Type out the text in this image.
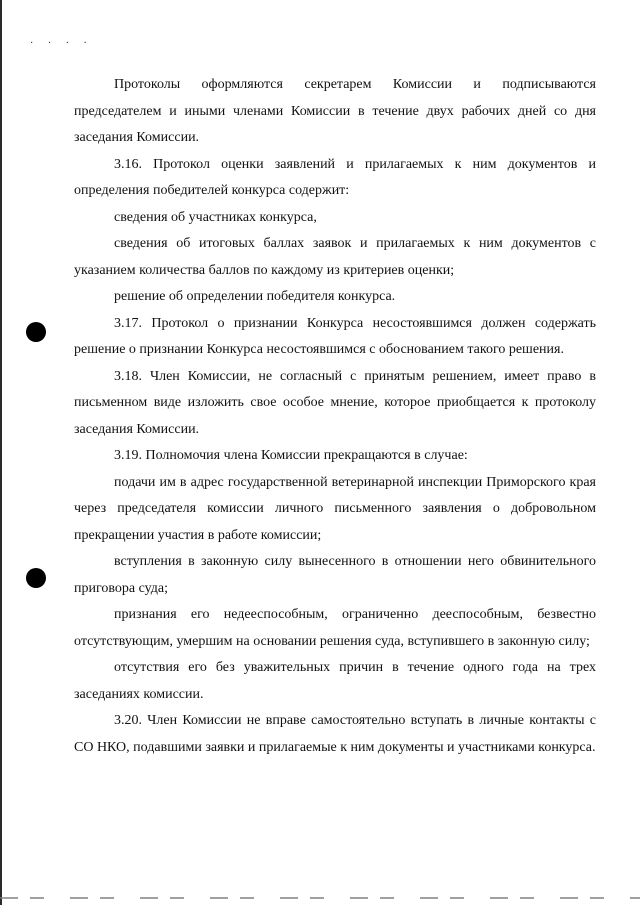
· · · ·

Протоколы оформляются секретарем Комиссии и подписываются председателем и иными членами Комиссии в течение двух рабочих дней со дня заседания Комиссии.

3.16. Протокол оценки заявлений и прилагаемых к ним документов и определения победителей конкурса содержит:

сведения об участниках конкурса,

сведения об итоговых баллах заявок и прилагаемых к ним документов с указанием количества баллов по каждому из критериев оценки;

решение об определении победителя конкурса.

3.17. Протокол о признании Конкурса несостоявшимся должен содержать решение о признании Конкурса несостоявшимся с обоснованием такого решения.

3.18. Член Комиссии, не согласный с принятым решением, имеет право в письменном виде изложить свое особое мнение, которое приобщается к протоколу заседания Комиссии.

3.19. Полномочия члена Комиссии прекращаются в случае:

подачи им в адрес государственной ветеринарной инспекции Приморского края через председателя комиссии личного письменного заявления о добровольном прекращении участия в работе комиссии;

вступления в законную силу вынесенного в отношении него обвинительного приговора суда;

признания его недееспособным, ограниченно дееспособным, безвестно отсутствующим, умершим на основании решения суда, вступившего в законную силу;

отсутствия его без уважительных причин в течение одного года на трех заседаниях комиссии.

3.20. Член Комиссии не вправе самостоятельно вступать в личные контакты с СО НКО, подавшими заявки и прилагаемые к ним документы и участниками конкурса.
